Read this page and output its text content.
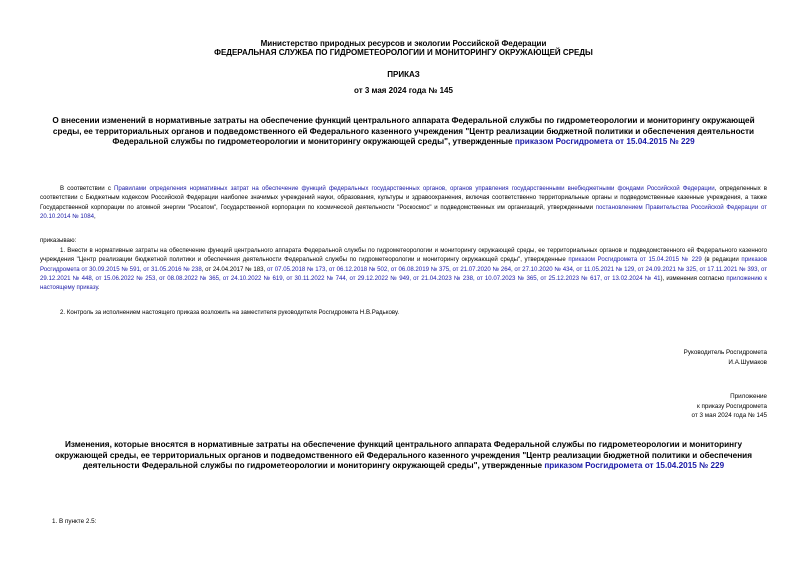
Министерство природных ресурсов и экологии Российской Федерации
ФЕДЕРАЛЬНАЯ СЛУЖБА ПО ГИДРОМЕТЕОРОЛОГИИ И МОНИТОРИНГУ ОКРУЖАЮЩЕЙ СРЕДЫ
ПРИКАЗ
от 3 мая 2024 года № 145
О внесении изменений в нормативные затраты на обеспечение функций центрального аппарата Федеральной службы по гидрометеорологии и мониторингу окружающей среды, ее территориальных органов и подведомственного ей Федерального казенного учреждения "Центр реализации бюджетной политики и обеспечения деятельности Федеральной службы по гидрометеорологии и мониторингу окружающей среды", утвержденные приказом Росгидромета от 15.04.2015 № 229
В соответствии с Правилами определения нормативных затрат на обеспечение функций федеральных государственных органов, органов управления государственными внебюджетными фондами Российской Федерации, определенных в соответствии с Бюджетным кодексом Российской Федерации наиболее значимых учреждений науки, образования, культуры и здравоохранения, включая соответственно территориальные органы и подведомственные казенные учреждения, а также Государственной корпорации по атомной энергии "Росатом", Государственной корпорации по космической деятельности "Роскосмос" и подведомственных им организаций, утвержденными постановлением Правительства Российской Федерации от 20.10.2014 № 1084,
приказываю:
1. Внести в нормативные затраты на обеспечение функций центрального аппарата Федеральной службы по гидрометеорологии и мониторингу окружающей среды, ее территориальных органов и подведомственного ей Федерального казенного учреждения "Центр реализации бюджетной политики и обеспечения деятельности Федеральной службы по гидрометеорологии и мониторингу окружающей среды", утвержденные приказом Росгидромета от 15.04.2015 № 229 (в редакции приказов Росгидромета от 30.09.2015 № 591, от 31.05.2016 № 238, от 24.04.2017 № 183, от 07.05.2018 № 173, от 06.12.2018 № 502, от 06.08.2019 № 375, от 21.07.2020 № 264, от 27.10.2020 № 434, от 11.05.2021 № 129, от 24.09.2021 № 325, от 17.11.2021 № 393, от 29.12.2021 № 448, от 15.06.2022 № 253, от 08.08.2022 № 365, от 24.10.2022 № 619, от 30.11.2022 № 744, от 29.12.2022 № 949, от 21.04.2023 № 238, от 10.07.2023 № 365, от 25.12.2023 № 617, от 13.02.2024 № 41), изменения согласно приложению к настоящему приказу.
2. Контроль за исполнением настоящего приказа возложить на заместителя руководителя Росгидромета Н.В.Радькову.
Руководитель Росгидромета
И.А.Шумаков
Приложение
к приказу Росгидромета
от 3 мая 2024 года № 145
Изменения, которые вносятся в нормативные затраты на обеспечение функций центрального аппарата Федеральной службы по гидрометеорологии и мониторингу окружающей среды, ее территориальных органов и подведомственного ей Федерального казенного учреждения "Центр реализации бюджетной политики и обеспечения деятельности Федеральной службы по гидрометеорологии и мониторингу окружающей среды", утвержденные приказом Росгидромета от 15.04.2015 № 229
1. В пункте 2.5:
